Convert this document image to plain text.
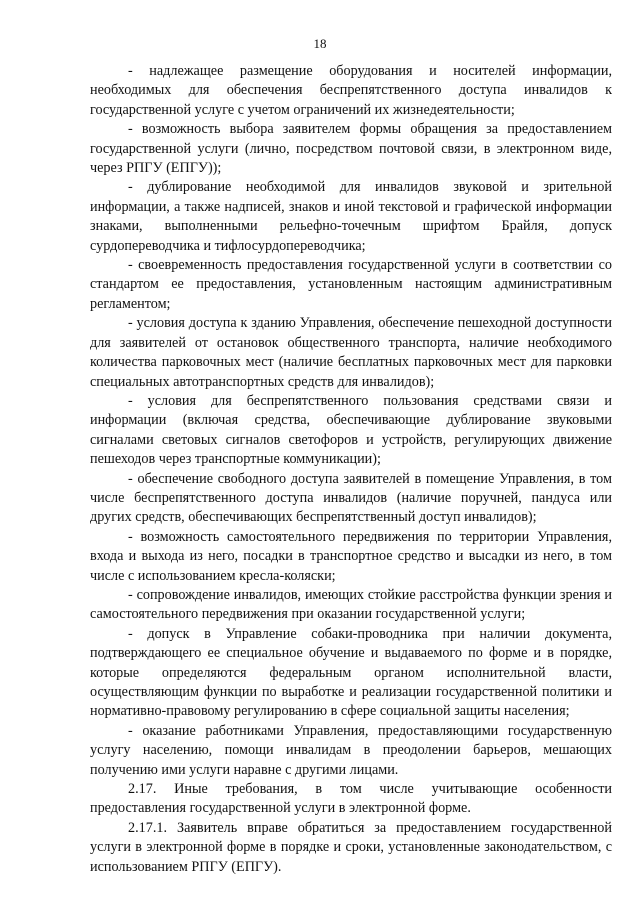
18

- надлежащее размещение оборудования и носителей информации, необходимых для обеспечения беспрепятственного доступа инвалидов к государственной услуге с учетом ограничений их жизнедеятельности;

- возможность выбора заявителем формы обращения за предоставлением государственной услуги (лично, посредством почтовой связи, в электронном виде, через РПГУ (ЕПГУ));

- дублирование необходимой для инвалидов звуковой и зрительной информации, а также надписей, знаков и иной текстовой и графической информации знаками, выполненными рельефно-точечным шрифтом Брайля, допуск сурдопереводчика и тифлосурдопереводчика;

- своевременность предоставления государственной услуги в соответствии со стандартом ее предоставления, установленным настоящим административным регламентом;

- условия доступа к зданию Управления, обеспечение пешеходной доступности для заявителей от остановок общественного транспорта, наличие необходимого количества парковочных мест (наличие бесплатных парковочных мест для парковки специальных автотранспортных средств для инвалидов);

- условия для беспрепятственного пользования средствами связи и информации (включая средства, обеспечивающие дублирование звуковыми сигналами световых сигналов светофоров и устройств, регулирующих движение пешеходов через транспортные коммуникации);

- обеспечение свободного доступа заявителей в помещение Управления, в том числе беспрепятственного доступа инвалидов (наличие поручней, пандуса или других средств, обеспечивающих беспрепятственный доступ инвалидов);

- возможность самостоятельного передвижения по территории Управления, входа и выхода из него, посадки в транспортное средство и высадки из него, в том числе с использованием кресла-коляски;

- сопровождение инвалидов, имеющих стойкие расстройства функции зрения и самостоятельного передвижения при оказании государственной услуги;

- допуск в Управление собаки-проводника при наличии документа, подтверждающего ее специальное обучение и выдаваемого по форме и в порядке, которые определяются федеральным органом исполнительной власти, осуществляющим функции по выработке и реализации государственной политики и нормативно-правовому регулированию в сфере социальной защиты населения;

- оказание работниками Управления, предоставляющими государственную услугу населению, помощи инвалидам в преодолении барьеров, мешающих получению ими услуги наравне с другими лицами.

2.17. Иные требования, в том числе учитывающие особенности предоставления государственной услуги в электронной форме.

2.17.1. Заявитель вправе обратиться за предоставлением государственной услуги в электронной форме в порядке и сроки, установленные законодательством, с использованием РПГУ (ЕПГУ).
